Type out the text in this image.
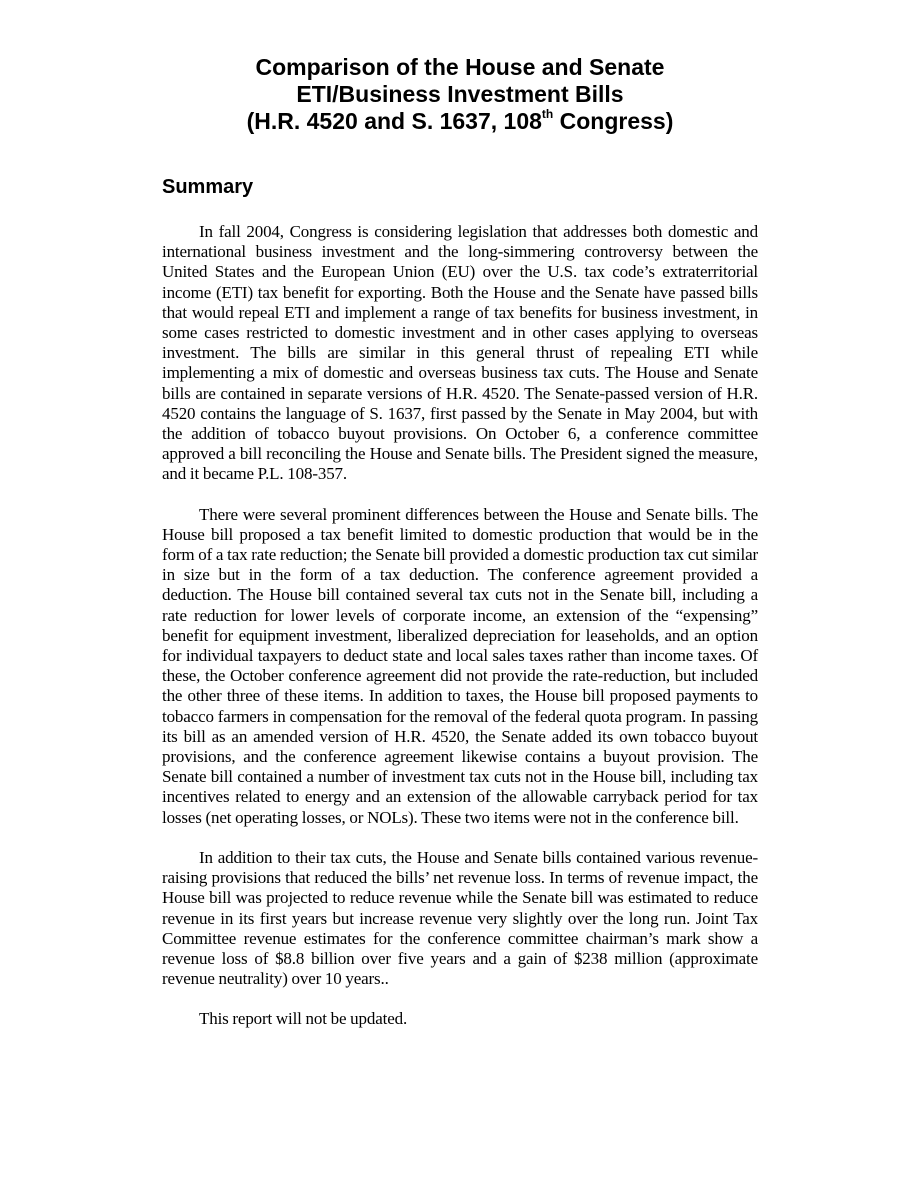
Comparison of the House and Senate
ETI/Business Investment Bills
(H.R. 4520 and S. 1637, 108th Congress)
Summary

In fall 2004, Congress is considering legislation that addresses both domestic and international business investment and the long-simmering controversy between the United States and the European Union (EU) over the U.S. tax code’s extraterritorial income (ETI) tax benefit for exporting. Both the House and the Senate have passed bills that would repeal ETI and implement a range of tax benefits for business investment, in some cases restricted to domestic investment and in other cases applying to overseas investment. The bills are similar in this general thrust of repealing ETI while implementing a mix of domestic and overseas business tax cuts. The House and Senate bills are contained in separate versions of H.R. 4520. The Senate-passed version of H.R. 4520 contains the language of S. 1637, first passed by the Senate in May 2004, but with the addition of tobacco buyout provisions. On October 6, a conference committee approved a bill reconciling the House and Senate bills. The President signed the measure, and it became P.L. 108-357.

There were several prominent differences between the House and Senate bills. The House bill proposed a tax benefit limited to domestic production that would be in the form of a tax rate reduction; the Senate bill provided a domestic production tax cut similar in size but in the form of a tax deduction. The conference agreement provided a deduction. The House bill contained several tax cuts not in the Senate bill, including a rate reduction for lower levels of corporate income, an extension of the “expensing” benefit for equipment investment, liberalized depreciation for leaseholds, and an option for individual taxpayers to deduct state and local sales taxes rather than income taxes. Of these, the October conference agreement did not provide the rate-reduction, but included the other three of these items. In addition to taxes, the House bill proposed payments to tobacco farmers in compensation for the removal of the federal quota program. In passing its bill as an amended version of H.R. 4520, the Senate added its own tobacco buyout provisions, and the conference agreement likewise contains a buyout provision. The Senate bill contained a number of investment tax cuts not in the House bill, including tax incentives related to energy and an extension of the allowable carryback period for tax losses (net operating losses, or NOLs). These two items were not in the conference bill.

In addition to their tax cuts, the House and Senate bills contained various revenue-raising provisions that reduced the bills’ net revenue loss. In terms of revenue impact, the House bill was projected to reduce revenue while the Senate bill was estimated to reduce revenue in its first years but increase revenue very slightly over the long run. Joint Tax Committee revenue estimates for the conference committee chairman’s mark show a revenue loss of $8.8 billion over five years and a gain of $238 million (approximate revenue neutrality) over 10 years..

This report will not be updated.
